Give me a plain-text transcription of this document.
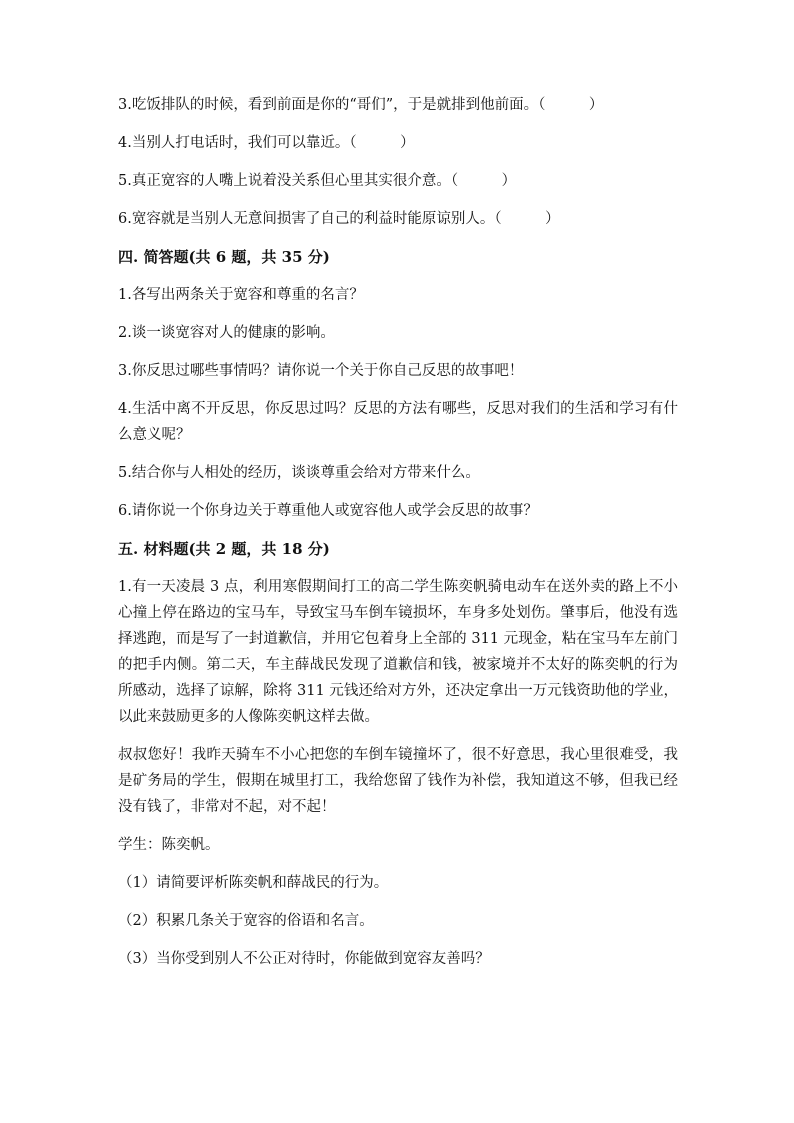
3.吃饭排队的时候，看到前面是你的“哥们”，于是就排到他前面。（　　　）

4.当别人打电话时，我们可以靠近。（　　　）

5.真正宽容的人嘴上说着没关系但心里其实很介意。（　　　）

6.宽容就是当别人无意间损害了自己的利益时能原谅别人。（　　　）

四. 简答题(共 6 题，共 35 分)

1.各写出两条关于宽容和尊重的名言？

2.谈一谈宽容对人的健康的影响。

3.你反思过哪些事情吗？请你说一个关于你自己反思的故事吧！

4.生活中离不开反思，你反思过吗？反思的方法有哪些，反思对我们的生活和学习有什么意义呢？

5.结合你与人相处的经历，谈谈尊重会给对方带来什么。

6.请你说一个你身边关于尊重他人或宽容他人或学会反思的故事？

五. 材料题(共 2 题，共 18 分)

1.有一天凌晨 3 点，利用寒假期间打工的高二学生陈奕帆骑电动车在送外卖的路上不小心撞上停在路边的宝马车，导致宝马车倒车镜损坏，车身多处划伤。肇事后，他没有选择逃跑，而是写了一封道歉信，并用它包着身上全部的 311 元现金，粘在宝马车左前门的把手内侧。第二天，车主薛战民发现了道歉信和钱，被家境并不太好的陈奕帆的行为所感动，选择了谅解，除将 311 元钱还给对方外，还决定拿出一万元钱资助他的学业，以此来鼓励更多的人像陈奕帆这样去做。

叔叔您好！我昨天骑车不小心把您的车倒车镜撞坏了，很不好意思，我心里很难受，我是矿务局的学生，假期在城里打工，我给您留了钱作为补偿，我知道这不够，但我已经没有钱了，非常对不起，对不起！

学生：陈奕帆。

（1）请简要评析陈奕帆和薛战民的行为。

（2）积累几条关于宽容的俗语和名言。

（3）当你受到别人不公正对待时，你能做到宽容友善吗？
